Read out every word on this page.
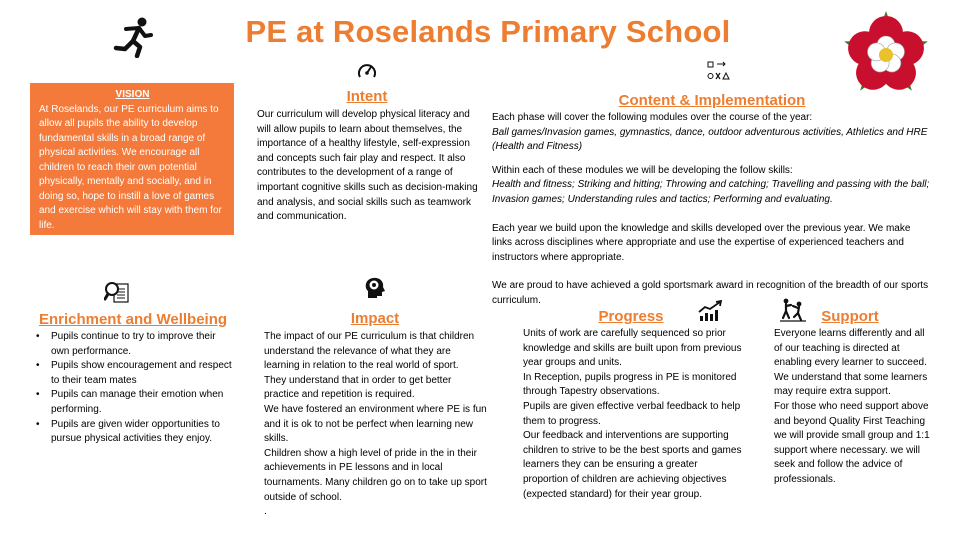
PE at Roselands Primary School
VISION
At Roselands, our PE curriculum aims to allow all pupils the ability to develop fundamental skills in a broad range of physical activities. We encourage all children to reach their own potential physically, mentally and socially, and in doing so, hope to instill a love of games and exercise which will stay with them for life.
Intent
Our curriculum will develop physical literacy and will allow pupils to learn about themselves, the importance of a healthy lifestyle, self-expression and concepts such fair play and respect. It also contributes to the development of a range of important cognitive skills such as decision-making and analysis, and social skills such as teamwork and communication.
Content & Implementation

Each phase will cover the following modules over the course of the year:

Ball games/Invasion games, gymnastics, dance, outdoor adventurous activities, Athletics and HRE (Health and Fitness)

Within each of these modules we will be developing the follow skills:

Health and fitness; Striking and hitting; Throwing and catching; Travelling and passing with the ball; Invasion games; Understanding rules and tactics; Performing and evaluating.

Each year we build upon the knowledge and skills developed over the previous year. We make links across disciplines where appropriate and use the expertise of experienced teachers and instructors where appropriate.

We are proud to have achieved a gold sportsmark award in recognition of the breadth of our sports curriculum.

Enrichment and Wellbeing
• Pupils continue to try to improve their own performance.
• Pupils show encouragement and respect to their team mates
• Pupils can manage their emotion when performing.
• Pupils are given wider opportunities to pursue physical activities they enjoy.
Impact

The impact of our PE curriculum is that children understand the relevance of what they are learning in relation to the real world of sport.

They understand that in order to get better practice and repetition is required.

We have fostered an environment where PE is fun and it is ok to not be perfect when learning new skills.

Children show a high level of pride in the in their achievements in PE lessons and in local tournaments. Many children go on to take up sport outside of school.

.

Progress

Units of work are carefully sequenced so prior knowledge and skills are built upon from previous year groups and units.

In Reception, pupils progress in PE is monitored through Tapestry observations.

Pupils are given effective verbal feedback to help them to progress.

Our feedback and interventions are supporting children to strive to be the best sports and games learners they can be ensuring a greater proportion of children are achieving objectives (expected standard) for their year group.

Support

Everyone learns differently and all of our teaching is directed at enabling every learner to succeed. We understand that some learners may require extra support.

For those who need support above and beyond Quality First Teaching we will provide small group and 1:1 support where necessary. we will seek and follow the advice of professionals.
